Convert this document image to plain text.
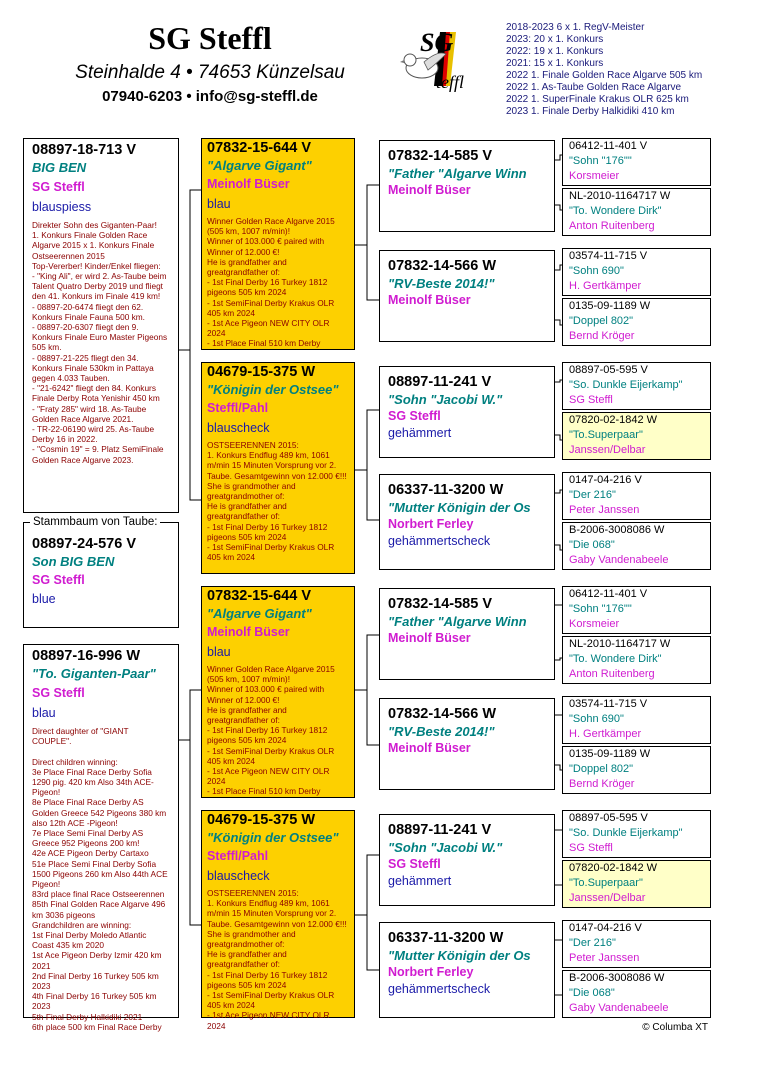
SG Steffl
Steinhalde 4 • 74653 Künzelsau
07940-6203 • info@sg-steffl.de
SG
teffl
2018-2023 6 x 1. RegV-Meister
2023: 20 x 1. Konkurs
2022: 19 x 1. Konkurs
2021: 15 x 1. Konkurs
2022 1. Finale Golden Race Algarve 505 km
2022 1. As-Taube Golden Race Algarve
2022 1. SuperFinale Krakus OLR 625 km
2023 1. Finale Derby Halkidiki 410 km
08897-18-713 V
BIG BEN
SG Steffl
blauspiess
Direkter Sohn des Giganten-Paar!
1. Konkurs Finale Golden Race Algarve 2015 x 1. Konkurs Finale Ostseerennen 2015
Top-Vererber! Kinder/Enkel fliegen:
- "King Ali", er wird 2. As-Taube beim Talent Quatro Derby 2019 und fliegt den 41. Konkurs im Finale 419 km!
- 08897-20-6474 fliegt den 62. Konkurs Finale Fauna 500 km.
- 08897-20-6307 fliegt den 9. Konkurs Finale Euro Master Pigeons 505 km.
- 08897-21-225 fliegt den 34. Konkurs Finale 530km in Pattaya gegen 4.033 Tauben.
- "21-6242" fliegt den 84. Konkurs Finale Derby Rota Yenishir 450 km
- "Fraty 285" wird 18. As-Taube Golden Race Algarve 2021.
- TR-22-06190 wird 25. As-Taube Derby 16 in 2022.
- "Cosmin 19" = 9. Platz SemiFinale Golden Race Algarve 2023.
08897-24-576 V
Son BIG BEN
SG Steffl
blue
Stammbaum von Taube:
08897-16-996 W
"To. Giganten-Paar"
SG Steffl
blau
Direct daughter of "GIANT COUPLE".

Direct children winning:
3e Place Final Race Derby Sofia 1290 pig. 420 km Also 34th ACE-Pigeon!
8e Place Final Race Derby AS Golden Greece 542 Pigeons 380 km also 12th ACE -Pigeon!
7e Place Semi Final Derby AS Greece 952 Pigeons 200 km!
42e ACE Pigeon Derby Cartaxo
51e Place Semi Final Derby Sofia 1500 Pigeons 260 km Also 44th ACE Pigeon!
83rd place final Race Ostseerennen
85th Final Golden Race Algarve 496 km 3036 pigeons
Grandchildren are winning:
1st Final Derby Moledo Atlantic Coast 435 km 2020
1st Ace Pigeon Derby Izmir 420 km 2021
2nd Final Derby 16 Turkey 505 km 2023
4th Final Derby 16 Turkey 505 km 2023
5th Final Derby Halkidiki 2021
6th place 500 km Final Race Derby
07832-15-644 V
"Algarve Gigant"
Meinolf Büser
blau
Winner Golden Race Algarve 2015 (505 km, 1007 m/min)!
Winner of 103.000 € paired with Winner of 12.000 €!
He is grandfather and greatgrandfather of:
- 1st Final Derby 16 Turkey 1812 pigeons 505 km 2024
- 1st SemiFinal Derby Krakus OLR 405 km 2024
- 1st Ace Pigeon NEW CITY OLR 2024
- 1st Place Final 510 km Derby
04679-15-375 W
"Königin der Ostsee"
Steffl/Pahl
blauscheck
OSTSEERENNEN 2015:
1. Konkurs Endflug 489 km, 1061 m/min 15 Minuten Vorsprung vor 2. Taube. Gesamtgewinn von 12.000 €!!!
She is grandmother and greatgrandmother of:
He is grandfather and greatgrandfather of:
- 1st Final Derby 16 Turkey 1812 pigeons 505 km 2024
- 1st SemiFinal Derby Krakus OLR 405 km 2024
07832-15-644 V
"Algarve Gigant"
Meinolf Büser
blau
Winner Golden Race Algarve 2015 (505 km, 1007 m/min)!
Winner of 103.000 € paired with Winner of 12.000 €!
He is grandfather and greatgrandfather of:
- 1st Final Derby 16 Turkey 1812 pigeons 505 km 2024
- 1st SemiFinal Derby Krakus OLR 405 km 2024
- 1st Ace Pigeon NEW CITY OLR 2024
- 1st Place Final 510 km Derby
04679-15-375 W
"Königin der Ostsee"
Steffl/Pahl
blauscheck
OSTSEERENNEN 2015:
1. Konkurs Endflug 489 km, 1061 m/min 15 Minuten Vorsprung vor 2. Taube. Gesamtgewinn von 12.000 €!!!
She is grandmother and greatgrandmother of:
He is grandfather and greatgrandfather of:
- 1st Final Derby 16 Turkey 1812 pigeons 505 km 2024
- 1st SemiFinal Derby Krakus OLR 405 km 2024
- 1st Ace Pigeon NEW CITY OLR 2024
07832-14-585 V
"Father "Algarve Winn
Meinolf Büser
07832-14-566 W
"RV-Beste 2014!"
Meinolf Büser
08897-11-241 V
"Sohn "Jacobi W."
SG Steffl
gehämmert
06337-11-3200 W
"Mutter Königin der Os
Norbert Ferley
gehämmertscheck
07832-14-585 V
"Father "Algarve Winn
Meinolf Büser
07832-14-566 W
"RV-Beste 2014!"
Meinolf Büser
08897-11-241 V
"Sohn "Jacobi W."
SG Steffl
gehämmert
06337-11-3200 W
"Mutter Königin der Os
Norbert Ferley
gehämmertscheck
06412-11-401 V
"Sohn "176""
Korsmeier
NL-2010-1164717 W
"To. Wondere Dirk"
Anton Ruitenberg
03574-11-715 V
"Sohn 690"
H. Gertkämper
0135-09-1189 W
"Doppel 802"
Bernd Kröger
08897-05-595 V
"So. Dunkle Eijerkamp"
SG Steffl
07820-02-1842 W
"To.Superpaar"
Janssen/Delbar
0147-04-216 V
"Der 216"
Peter Janssen
B-2006-3008086 W
"Die 068"
Gaby Vandenabeele
06412-11-401 V
"Sohn "176""
Korsmeier
NL-2010-1164717 W
"To. Wondere Dirk"
Anton Ruitenberg
03574-11-715 V
"Sohn 690"
H. Gertkämper
0135-09-1189 W
"Doppel 802"
Bernd Kröger
08897-05-595 V
"So. Dunkle Eijerkamp"
SG Steffl
07820-02-1842 W
"To.Superpaar"
Janssen/Delbar
0147-04-216 V
"Der 216"
Peter Janssen
B-2006-3008086 W
"Die 068"
Gaby Vandenabeele
© Columba XT
